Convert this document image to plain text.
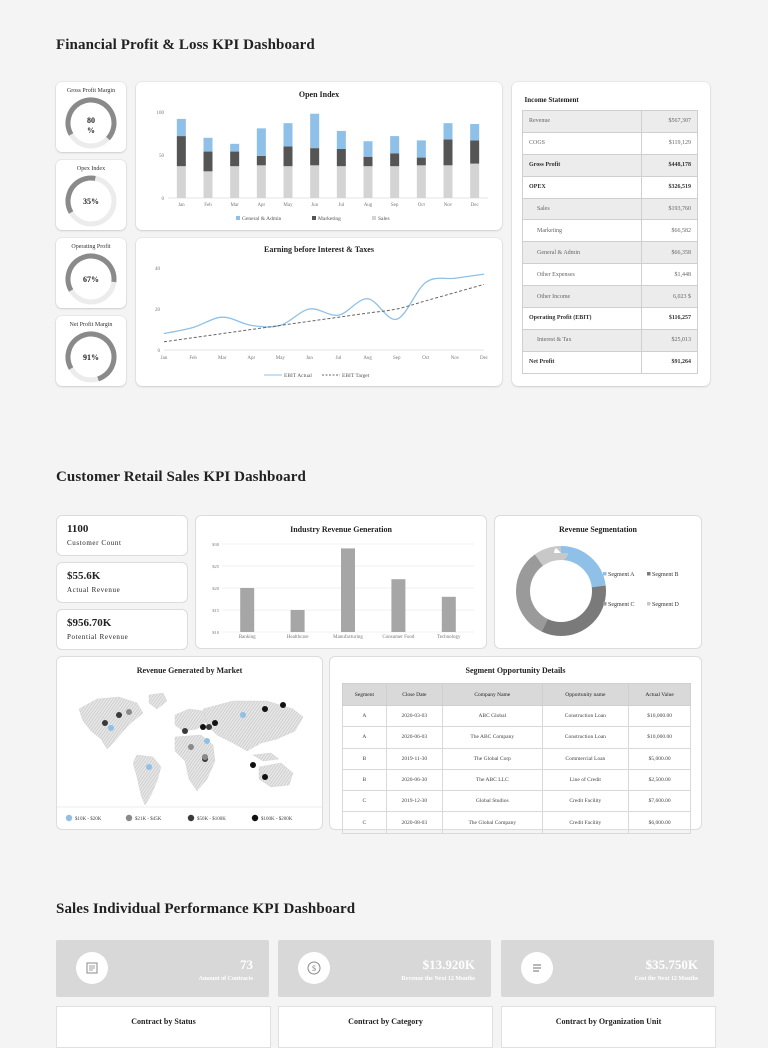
Financial Profit & Loss KPI Dashboard
Gross Profit Margin
80
%
Opex Index
35%
Operating Profit
67%
Net Profit Margin
91%
Open Index
0
50
100
Jan	Feb	Mar	Apr	May	Jun	Jul	Aug	Sep	Oct	Nov	Dec
General & Admin	Marketing	Sales
Earning before Interest & Taxes
0
20
40
Jan	Feb	Mar	Apr	May	Jun	Jul	Aug	Sep	Oct	Nov	Dec
EBIT Actual	EBIT Target
Income Statement	
Revenue	$567,307
COGS	$119,129
Gross Profit	$448,178
OPEX	$326,519
Sales	$193,760
Marketing	$66,582
General & Admin	$66,358
Other Expenses	$1,448
Other Income	6,023 $
Operating Profit (EBIT)	$116,257
Interest & Tax	$25,013
Net Profit	$91,264
Customer Retail Sales KPI Dashboard
1100
Customer Count
$55.6K
Actual Revenue
$956.70K
Potential Revenue
Industry Revenue Generation
$10
$15
$20
$25
$30
Banking	Healthcare	Manufacturing	Consumer Food	Technology
Revenue Segmentation
Segment A	Segment B
Segment C	Segment D
Revenue Generated by Market
$10K - $20K	$21K - $45K	$50K - $100K	$100K - $200K
Segment Opportunity Details
Segment	Close Date	Company Name	Opportunity name	Actual Value
A	2020-03-03	ABC Global	Construction Loan	$10,000.00
A	2020-06-03	The ABC Company	Construction Loan	$10,000.00
B	2019-11-30	The Global Corp	Commercial Loan	$5,000.00
B	2020-06-30	The ABC LLC	Line of Credit	$2,500.00
C	2019-12-30	Global Studios	Credit Facility	$7,600.00
C	2020-08-03	The Global Company	Credit Facility	$6,000.00
Sales Individual Performance KPI Dashboard
73
Amount of Contracts
$	$13.920K
Revenue the Next 12 Months
$35.750K
Cost the Next 12 Months
Contract by Status	Contract by Category	Contract by Organization Unit
